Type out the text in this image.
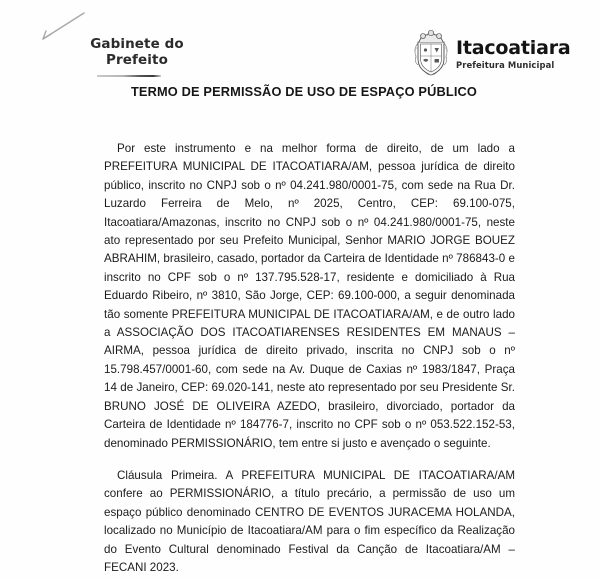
Gabinete do
Prefeito
Itacoatiara
Prefeitura Municipal
TERMO DE PERMISSÃO DE USO DE ESPAÇO PÚBLICO

Por este instrumento e na melhor forma de direito, de um lado a PREFEITURA MUNICIPAL DE ITACOATIARA/AM, pessoa jurídica de direito público, inscrito no CNPJ sob o nº 04.241.980/0001-75, com sede na Rua Dr. Luzardo Ferreira de Melo, nº 2025, Centro, CEP: 69.100-075, Itacoatiara/Amazonas, inscrito no CNPJ sob o nº 04.241.980/0001-75, neste ato representado por seu Prefeito Municipal, Senhor MARIO JORGE BOUEZ ABRAHIM, brasileiro, casado, portador da Carteira de Identidade nº 786843-0 e inscrito no CPF sob o nº 137.795.528-17, residente e domiciliado à Rua Eduardo Ribeiro, nº 3810, São Jorge, CEP: 69.100-000, a seguir denominada tão somente PREFEITURA MUNICIPAL DE ITACOATIARA/AM, e de outro lado a ASSOCIAÇÃO DOS ITACOATIARENSES RESIDENTES EM MANAUS – AIRMA, pessoa jurídica de direito privado, inscrita no CNPJ sob o nº 15.798.457/0001-60, com sede na Av. Duque de Caxias nº 1983/1847, Praça 14 de Janeiro, CEP: 69.020-141, neste ato representado por seu Presidente Sr. BRUNO JOSÉ DE OLIVEIRA AZEDO, brasileiro, divorciado, portador da Carteira de Identidade nº 184776-7, inscrito no CPF sob o nº 053.522.152-53, denominado PERMISSIONÁRIO, tem entre si justo e avençado o seguinte.

Cláusula Primeira. A PREFEITURA MUNICIPAL DE ITACOATIARA/AM confere ao PERMISSIONÁRIO, a título precário, a permissão de uso um espaço público denominado CENTRO DE EVENTOS JURACEMA HOLANDA, localizado no Município de Itacoatiara/AM para o fim específico da Realização do Evento Cultural denominado Festival da Canção de Itacoatiara/AM – FECANI 2023.
